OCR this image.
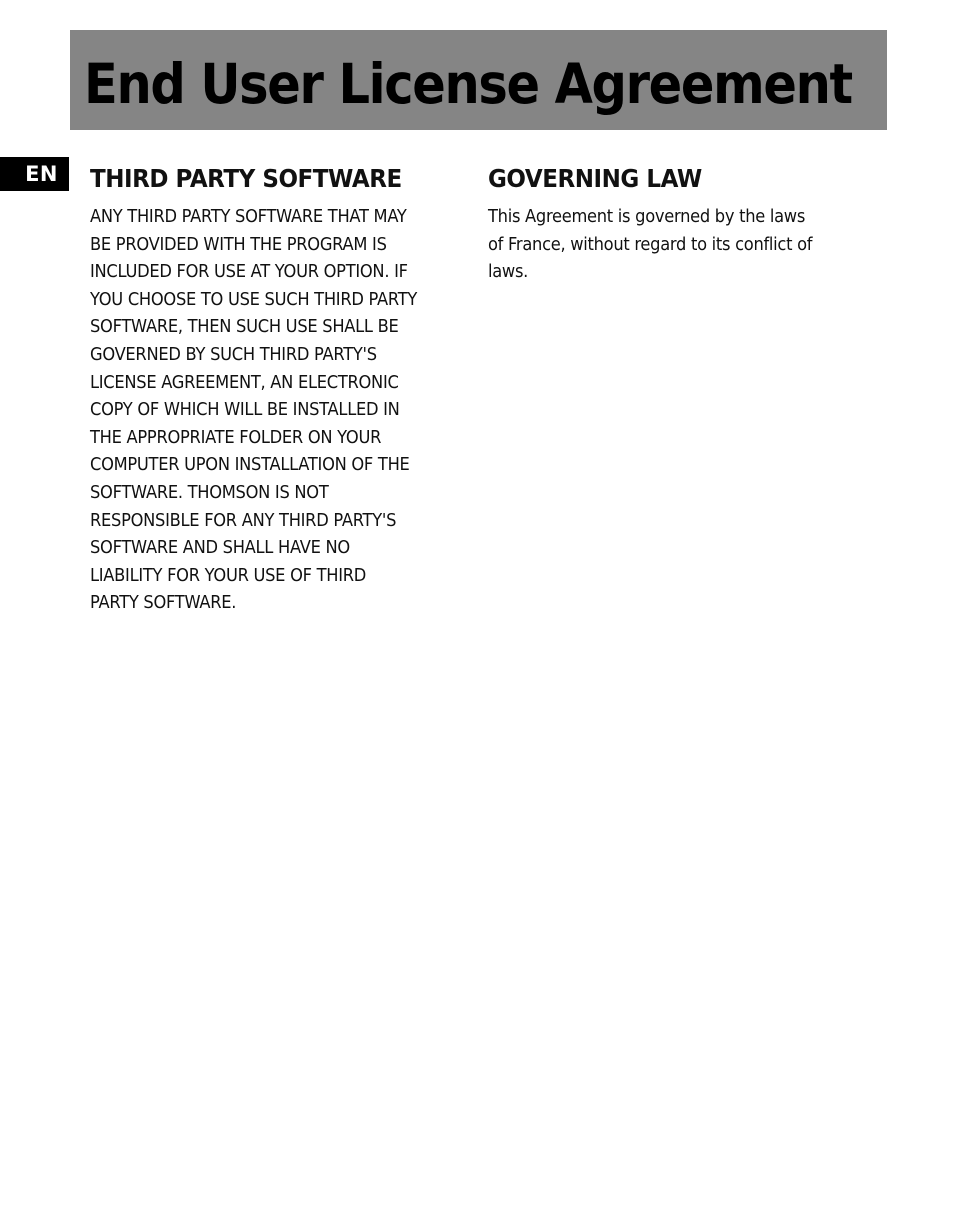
End User License Agreement
EN	THIRD PARTY SOFTWARE

ANY THIRD PARTY SOFTWARE THAT MAY
BE PROVIDED WITH THE PROGRAM IS
INCLUDED FOR USE AT YOUR OPTION. IF
YOU CHOOSE TO USE SUCH THIRD PARTY
SOFTWARE, THEN SUCH USE SHALL BE
GOVERNED BY SUCH THIRD PARTY'S
LICENSE AGREEMENT, AN ELECTRONIC
COPY OF WHICH WILL BE INSTALLED IN
THE APPROPRIATE FOLDER ON YOUR
COMPUTER UPON INSTALLATION OF THE
SOFTWARE. THOMSON IS NOT
RESPONSIBLE FOR ANY THIRD PARTY'S
SOFTWARE AND SHALL HAVE NO
LIABILITY FOR YOUR USE OF THIRD
PARTY SOFTWARE.

GOVERNING LAW

This Agreement is governed by the laws
of France, without regard to its conflict of
laws.
